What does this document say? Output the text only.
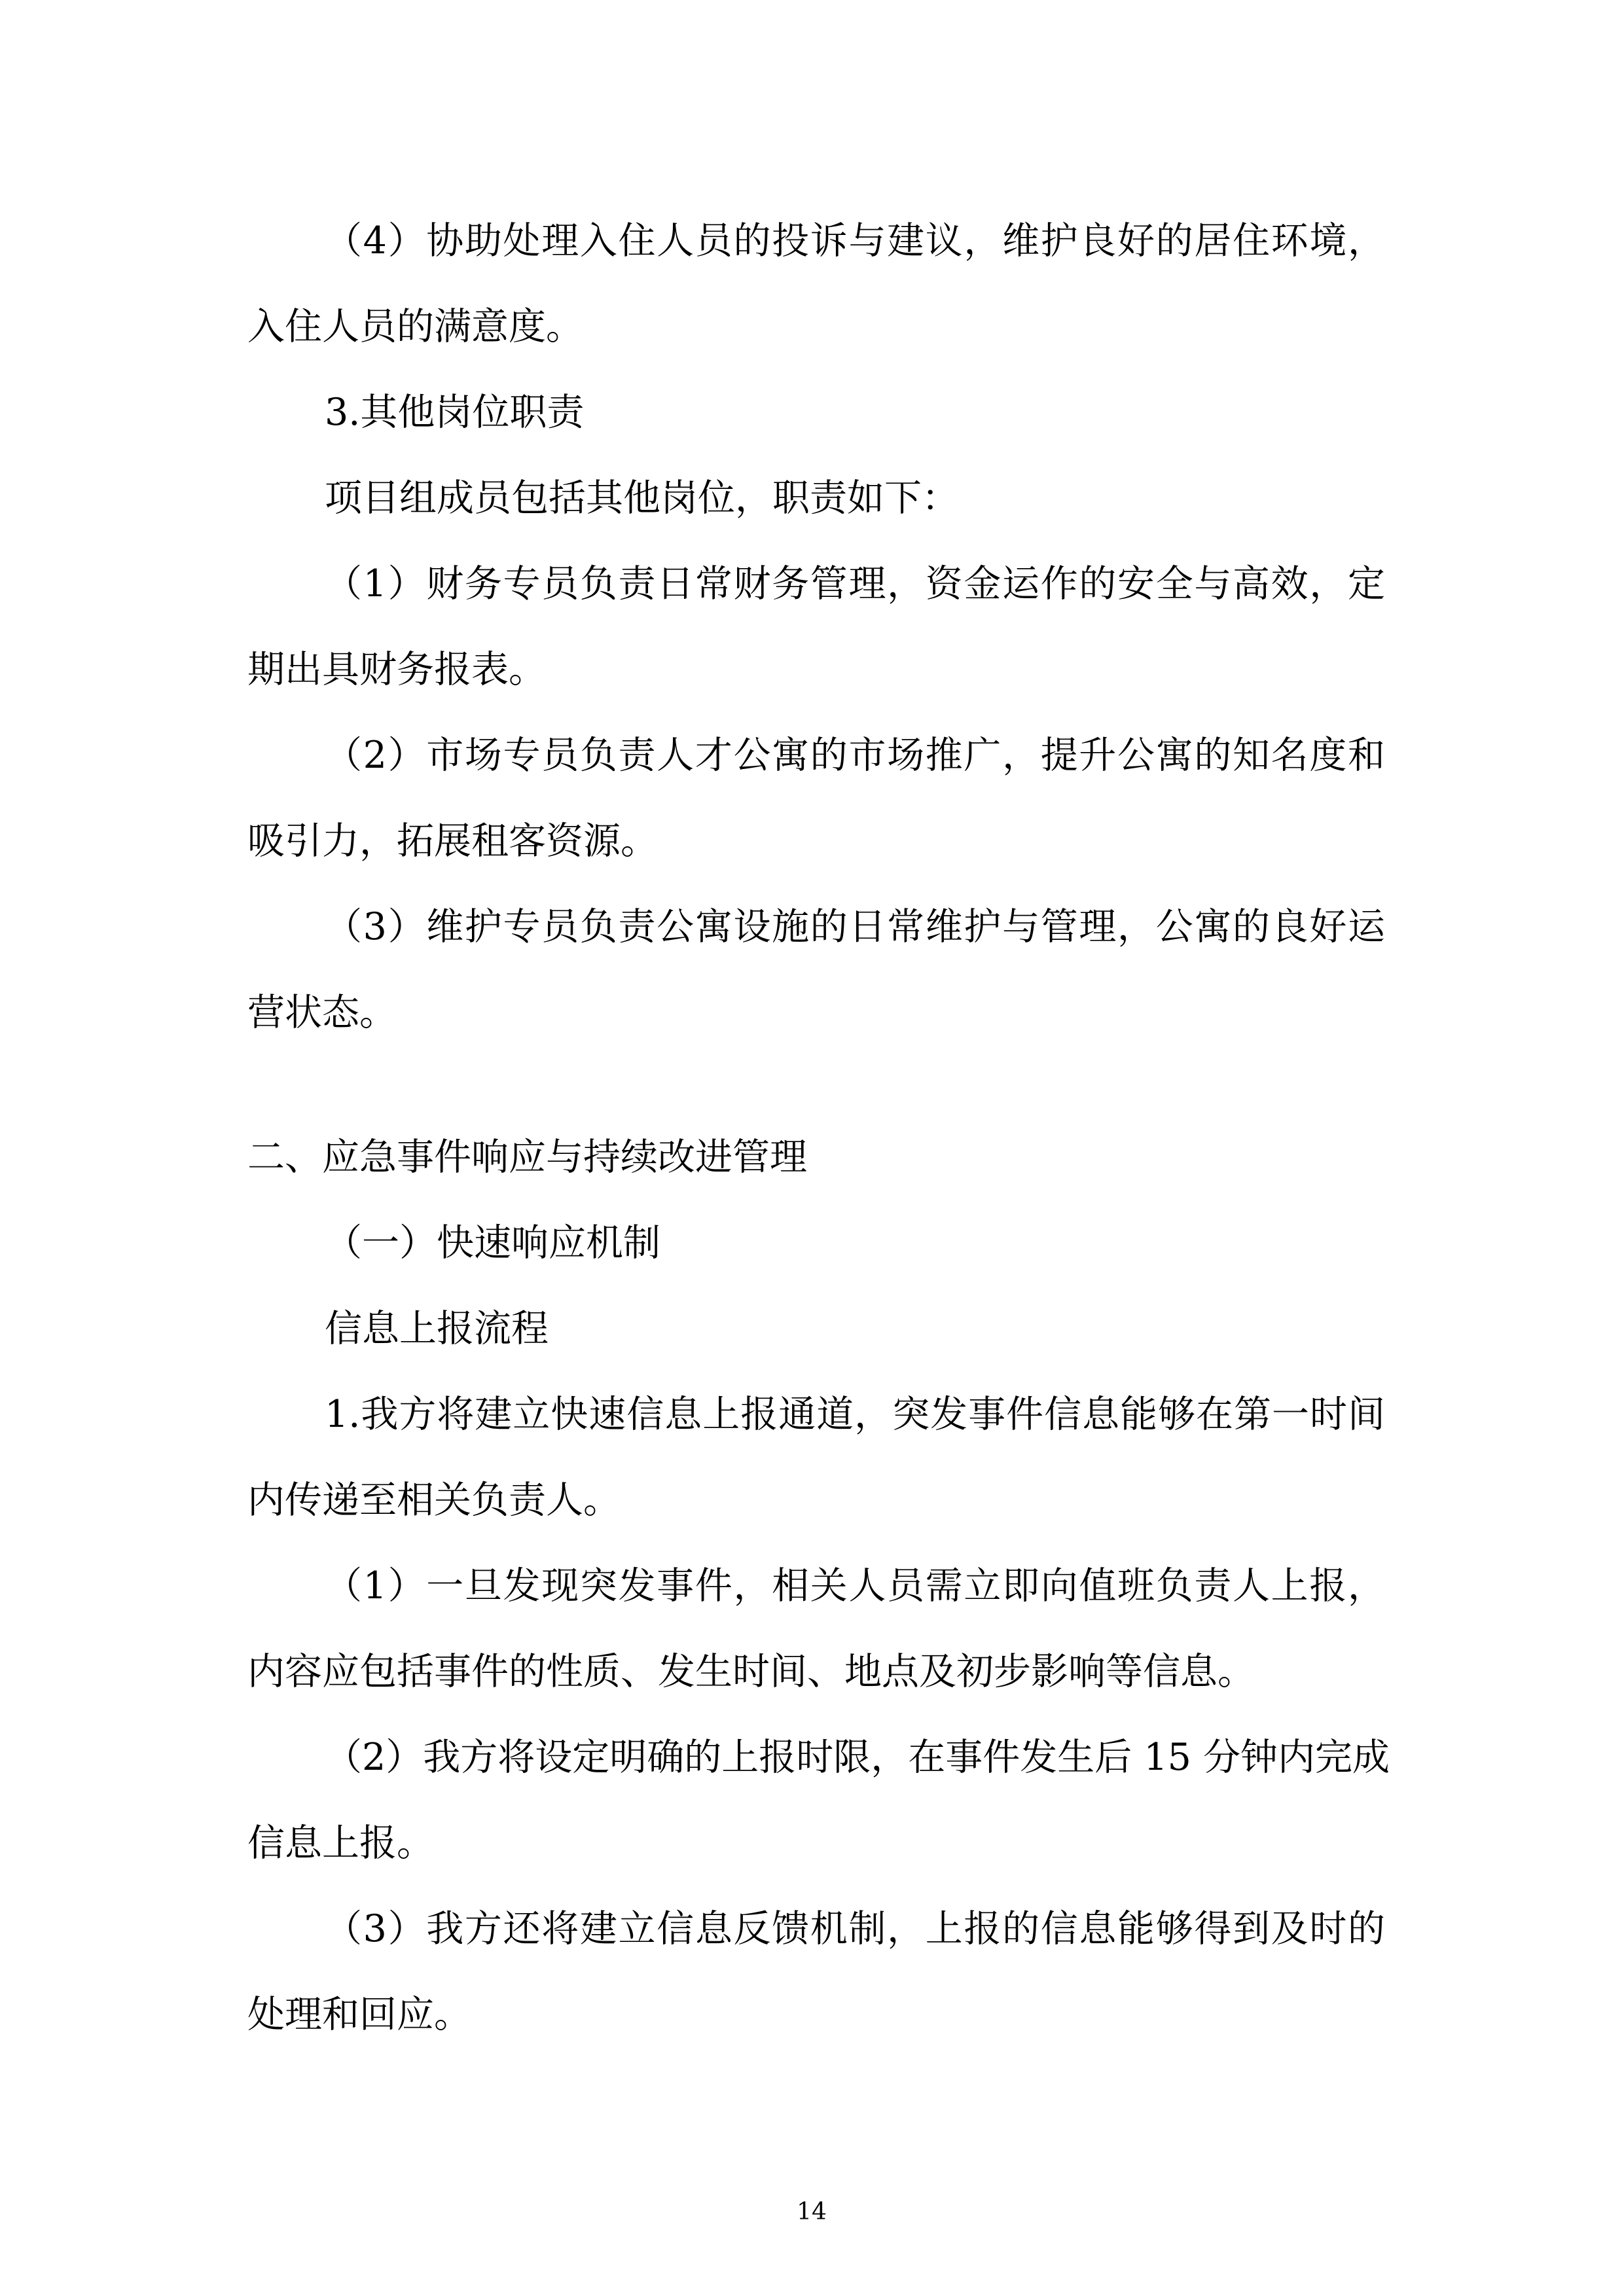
（4）协助处理入住人员的投诉与建议，维护良好的居住环境，
入住人员的满意度。
3.其他岗位职责
项目组成员包括其他岗位，职责如下：
（1）财务专员负责日常财务管理，资金运作的安全与高效，定
期出具财务报表。
（2）市场专员负责人才公寓的市场推广，提升公寓的知名度和
吸引力，拓展租客资源。
（3）维护专员负责公寓设施的日常维护与管理，公寓的良好运
营状态。
二、应急事件响应与持续改进管理
（一）快速响应机制
信息上报流程
1.我方将建立快速信息上报通道，突发事件信息能够在第一时间
内传递至相关负责人。
（1）一旦发现突发事件，相关人员需立即向值班负责人上报，
内容应包括事件的性质、发生时间、地点及初步影响等信息。
（2）我方将设定明确的上报时限，在事件发生后 15 分钟内完成
信息上报。
（3）我方还将建立信息反馈机制，上报的信息能够得到及时的
处理和回应。
14
